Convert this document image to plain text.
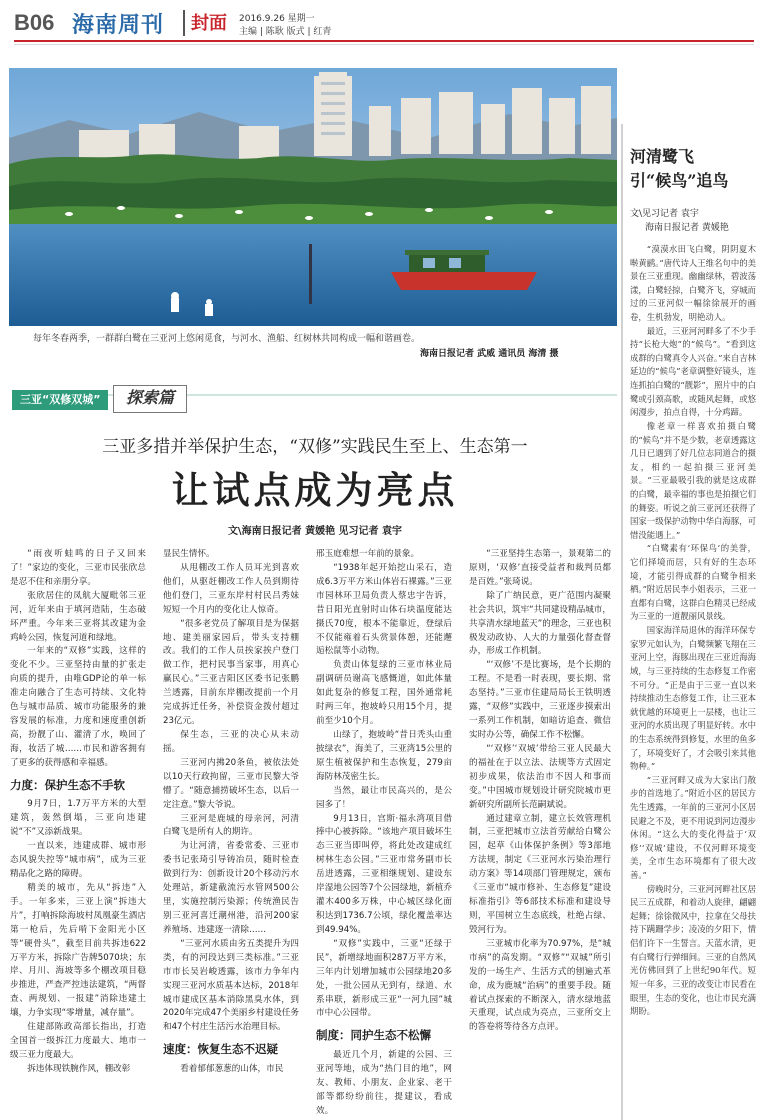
B06 海南周刊 封面 2016.9.26 星期一
主编 | 陈耿 版式 | 红青
每年冬春两季，一群群白鹭在三亚河上悠闲觅食，与河水、渔船、红树林共同构成一幅和谐画卷。
海南日报记者 武威 通讯员 海清 摄
三亚“双修双城”	探索篇
三亚多措并举保护生态，“双修”实践民生至上、生态第一
让试点成为亮点
文\海南日报记者 黄媛艳 见习记者 袁宇

“雨夜听蛙鸣的日子又回来了！”家边的变化，三亚市民张欣总是忍不住和亲朋分享。

张欣居住的凤航大厦毗邻三亚河，近年来由于填河造陆，生态破坏严重。今年来三亚将其改建为金鸡岭公园，恢复河道和绿地。

一年来的“双修”实践，这样的变化不少。三亚坚持由量的扩张走向质的提升，由唯GDP论的单一标准走向融合了生态可持续、文化特色与城市品质、城市功能服务的兼容发展的标准，力度和速度重创新高，扮靓了山、灌清了水，唤回了海，妆活了城……市民和游客拥有了更多的获得感和幸福感。

力度：保护生态不手软

9月7日，1.7万平方米的大型建筑，轰然倒塌，三亚向违建说“不”又添新战果。

一直以来，违建成群、城市形态风貌失控等“城市病”，成为三亚精品化之路的障碍。

精美的城市，先从“拆违”入手。一年多来，三亚上演“拆违大片”，打响拆除海坡村凤凰豪生酒店第一枪后，先后啃下金阳光小区等“硬骨头”，截至目前共拆违622万平方米，拆除广告牌5070块；东岸、月川、海坡等多个棚改项目稳步推进，严查严控违法建筑，“两督查、两规划、一报建”消除违建土壤，力争实现“零增量，减存量”。

住建部陈政高部长指出，打造全国首一级拆江力度最大、地市一级三亚力度最大。

拆违体现铁腕作风，棚改彰

显民生情怀。

从甩棚改工作人员耳光到喜欢他们，从驱赶棚改工作人员到期待他们登门，三亚东岸村村民吕秀妹短短一个月内的变化让人惊奇。

“很多老党员了解项目是为保据地、建美丽家园后，带头支持棚改。我们的工作人员挨家挨户登门做工作，把村民事当家事，用真心赢民心。”三亚吉阳区区委书记张鹏兰透露，目前东岸棚改提前一个月完成拆迁任务，补偿资金拨付超过23亿元。

保生态，三亚的决心从未动摇。

三亚河内拂20条鱼，被依法处以10天行政拘留，三亚市民黎大爷懵了。“随意捕捞破坏生态，以后一定注意。”黎大爷说。

三亚河是鹿城的母亲河，河清白鹭飞是所有人的期许。

为让河清，省委常委、三亚市委书记张琦引导铸冶员，随时检查做到行为：创新设计20个移动污水处理站，新建截流污水管网500公里，实施控制污染源；传统渔民告别三亚河喜迁潮州港，沿河200家养殖场、违建逐一清除……

“三亚河水质由劣五类提升为四类，有的河段达到三类标准。”三亚市市长吴岩峻透露，该市力争年内实现三亚河水质基本达标，2018年城市建成区基本消除黑臭水体，到2020年完成47个美丽乡村建设任务和47个村庄生活污水治理目标。

速度：恢复生态不迟疑

看着郁郁葱葱的山体，市民

邢玉庭难想一年前的景象。

“1938年起开始挖山采石，造成6.3万平方米山体岩石裸露。”三亚市园林环卫局负责人蔡忠宇告诉，昔日阳光直射时山体石块温度能达摄氏70度，根本不能靠近，登绿后不仅能雍着石头赏景体憩，还能邂逅松鼠等小动物。

负责山体复绿的三亚市林业局副调研员谢高飞感慨道，如此体量如此复杂的修复工程，国外通常耗时两三年，抱坡岭只用15个月，提前至少10个月。

山绿了，抱坡岭“昔日秃头山重披绿衣”，海美了，三亚湾15公里的原生植被保护和生态恢复，279亩海防林茂密生长。

当然，最让市民高兴的，是公园多了！

9月13日，宫斯·福永湾项目借捧中心被拆除。“该地产项目破坏生态三亚当即叫停，将此处改建成红树林生态公园。”三亚市常务副市长岳进透露，三亚相继规划、建设东岸湿地公园等7个公园绿地，新植乔灌木400多万株，中心城区绿化面积达到1736.7公顷，绿化覆盖率达到49.94%。

“双修”实践中，三亚“还绿于民”，新增绿地面积287万平方米，三年内计划增加城市公园绿地20多处，一批公园从无到有，绿道、水系串联，新形成三亚“一河九园”城市中心公园带。

制度：同护生态不松懈

最近几个月，新建的公园、三亚河等地，成为“热门目的地”，网友、教师、小朋友、企业家、老干部等都纷纷前往，提建议，看成效。

“三亚坚持生态第一，景观第二的原则，‘双修’直接受益者和裁判员都是百姓。”张琦说。

除了广纳民意，更广范围内凝聚社会共识，筑牢“共同建设精品城市，共享清水绿地蓝天”的理念，三亚也积极发动政协、人大的力量强化督查督办，形成工作机制。

“‘双修’不是比赛场，是个长期的工程。不是看一时表现，要长期、常态坚持。”三亚市住建局局长王铁明透露，“双修”实践中，三亚逐步摸索出一系列工作机制，如暗访追查、微信实时办公等，确保工作不松懈。

“‘双修’‘双城’带给三亚人民最大的福祉在于以立法、法规等方式固定初步成果，依法治市不因人和事而变。”中国城市规划设计研究院城市更新研究所副所长范嗣斌说。

通过建章立制，建立长效管理机制，三亚把城市立法首劳献给白鹭公园，起草《山体保护条例》等3部地方法规，制定《三亚河水污染治理行动方案》等14项部门管理规定，颁布《三亚市“城市修补、生态修复”建设标准指引》等6部技术标准和建设导则，平国树立生态底线，杜绝占绿、毁河行为。

三亚城市化率为70.97%，是“城市病”的高发期。“双修”“双城”所引发的一场生产、生活方式的刨遍式革命，成为鹿城“治病”的重要手段。随着试点探索的不断深入，清水绿地蓝天重现，试点成为亮点，三亚所交上的答卷将等待各方点评。

河清鹭飞
引“候鸟”追鸟
文\见习记者 袁宇
海南日报记者 黄媛艳

“漠漠水田飞白鹭，阴阴夏木啭黄鹂。”唐代诗人王维名句中的美景在三亚重现。幽幽绿林，碧波荡漾，白鹭轻掠，白鹭齐飞，穿城而过的三亚河似一幅徐徐展开的画卷，生机勃发，明艳动人。

最近，三亚河河畔多了不少手持“长枪大炮”的“候鸟”。“看到这成群的白鹭真令人兴奋。”来自吉林延边的“候鸟”老章调整好镜头，连连抓拍白鹭的“靓影”，照片中的白鹭或引颈高歌，或随风起舞，或悠闲漫步，拍点自得，十分鸡蹄。

像老章一样喜欢拍摄白鹭的“候鸟”并不是少数，老章透露这几日已遇到了好几位志同道合的摄友，相约一起拍摄三亚河美景。“三亚最吸引我的就是这成群的白鹭，最幸福的事也是拍摄它们的舞姿。听说之前三亚河还获得了国家一级保护动物中华白海豚，可惜没能遇上。”

“白鹭素有‘环保鸟’的美誉，它们择境而居，只有好的生态环境，才能引得成群的白鹭争相来栖。”附近居民李小姐表示，三亚一直都有白鹭，这群白色精灵已经成为三亚的一道靓丽风景线。

国家海洋局退休的海洋环保专家罗元如认为，白鹭频繁飞翔在三亚河上空，海豚出现在三亚近海海域，与三亚持续的生态修复工作密不可分。“正是由于三亚一直以来持续推动生态修复工作，让三亚本就优越的环境更上一层楼，也让三亚河的水质出现了明显好转。水中的生态系统得到修复，水里的鱼多了，环境变好了，才会吸引来其他物种。”

“三亚河畔又成为大家出门散步的首选地了。”附近小区的居民方先生透露，一年前的三亚河小区居民避之不及，更不用说到河边漫步休闲。“这么大的变化得益于‘双修’‘双城’建设，不仅河畔环境变美，全市生态环境都有了很大改善。”

傍晚时分，三亚河河畔社区居民三五成群，和着动人旋律，翩翩起舞；徐徐微风中，拉拿在父母扶持下蹒跚学步；凌凌的夕阳下，情侣们许下一生誓言。天蓝水清，更有白鹭行行弹细间。三亚的自然风光仿佛回到了上世纪90年代。短短一年多，三亚的改变让市民看在眼里，生态的变化，也让市民充满期盼。
